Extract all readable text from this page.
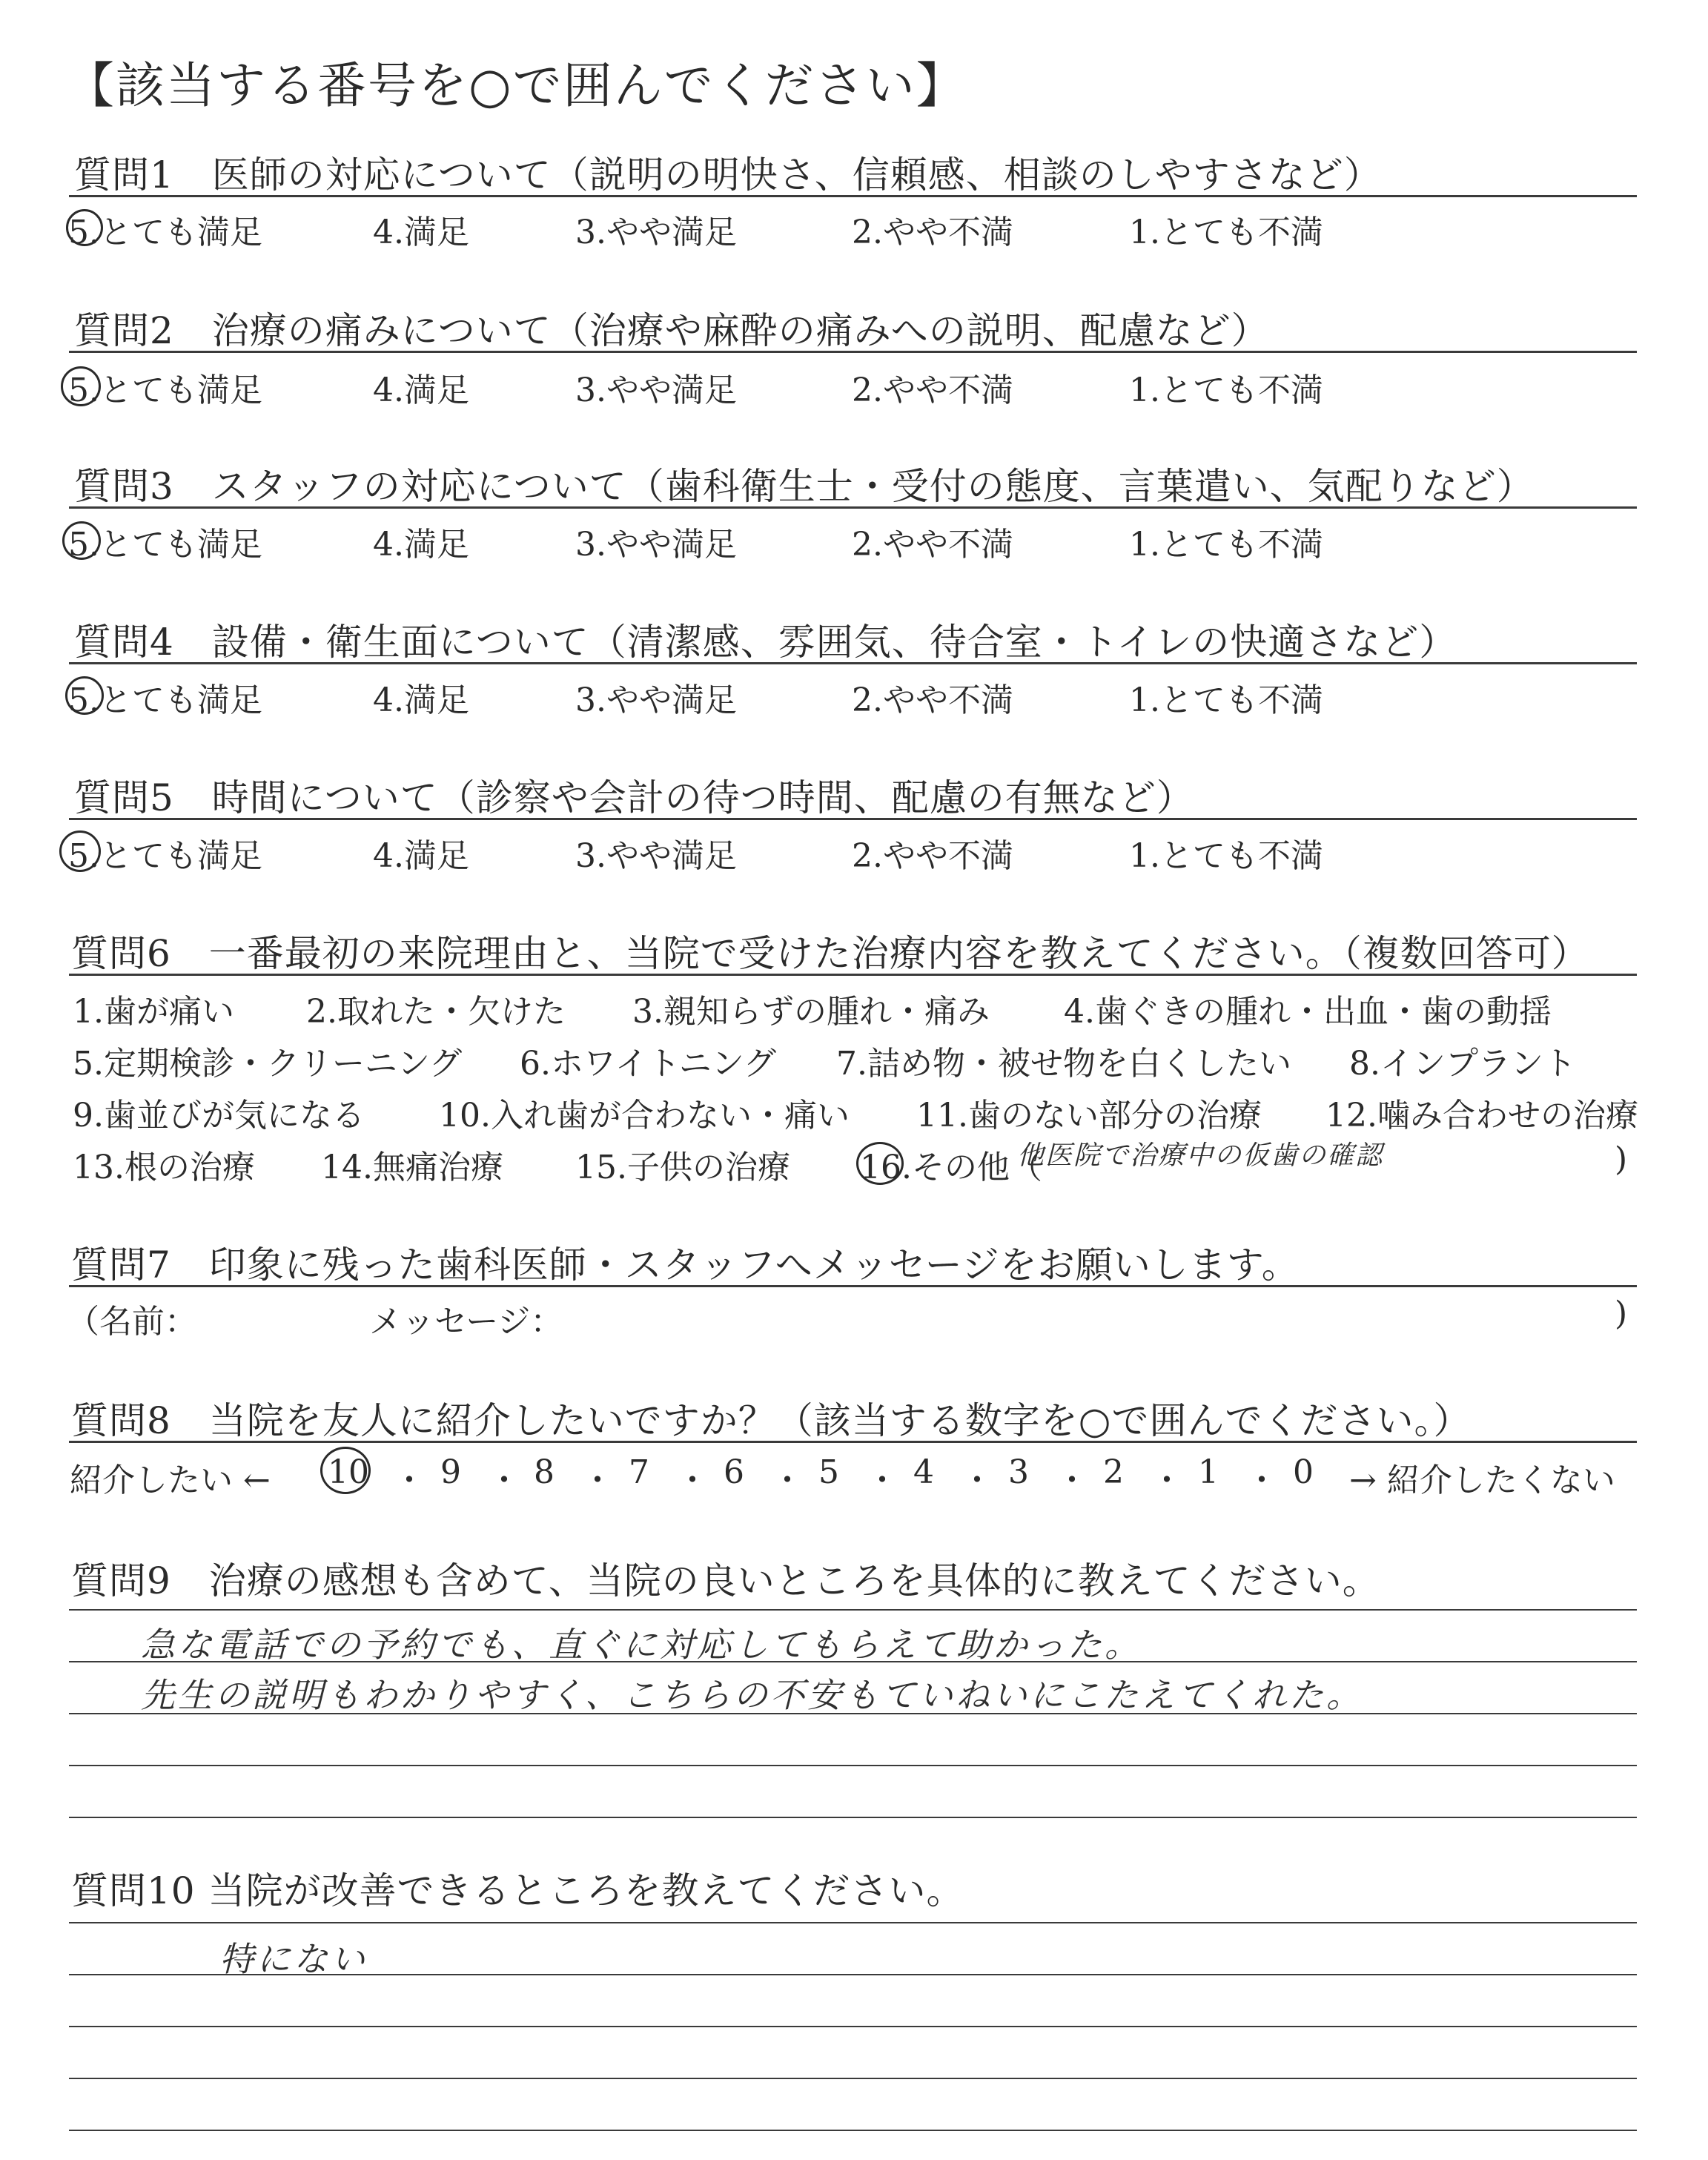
【該当する番号を○で囲んでください】
質問1　医師の対応について（説明の明快さ、信頼感、相談のしやすさなど）
5.とても満足	4.満足	3.やや満足	2.やや不満	1.とても不満
質問2　治療の痛みについて（治療や麻酔の痛みへの説明、配慮など）
5.とても満足	4.満足	3.やや満足	2.やや不満	1.とても不満
質問3　スタッフの対応について（歯科衛生士・受付の態度、言葉遣い、気配りなど）
5.とても満足	4.満足	3.やや満足	2.やや不満	1.とても不満
質問4　設備・衛生面について（清潔感、雰囲気、待合室・トイレの快適さなど）
5.とても満足	4.満足	3.やや満足	2.やや不満	1.とても不満
質問5　時間について（診察や会計の待つ時間、配慮の有無など）
5.とても満足	4.満足	3.やや満足	2.やや不満	1.とても不満
質問6　一番最初の来院理由と、当院で受けた治療内容を教えてください。（複数回答可）
1.歯が痛い 2.取れた・欠けた 3.親知らずの腫れ・痛み 4.歯ぐきの腫れ・出血・歯の動揺
5.定期検診・クリーニング 6.ホワイトニング 7.詰め物・被せ物を白くしたい 8.インプラント
9.歯並びが気になる 10.入れ歯が合わない・痛い 11.歯のない部分の治療 12.噛み合わせの治療
13.根の治療 14.無痛治療 15.子供の治療 16.その他（
他医院で治療中の仮歯の確認	)
質問7　印象に残った歯科医師・スタッフへメッセージをお願いします。
（名前：	メッセージ：	)
質問8　当院を友人に紹介したいですか？（該当する数字を○で囲んでください。）
紹介したい ← 10 ・ 9 ・ 8 ・ 7 ・ 6 ・ 5 ・ 4 ・ 3 ・ 2 ・ 1 ・ 0 → 紹介したくない
質問9　治療の感想も含めて、当院の良いところを具体的に教えてください。
急な電話での予約でも、直ぐに対応してもらえて助かった。
先生の説明もわかりやすく、こちらの不安もていねいにこたえてくれた。
質問10 当院が改善できるところを教えてください。
特にない
